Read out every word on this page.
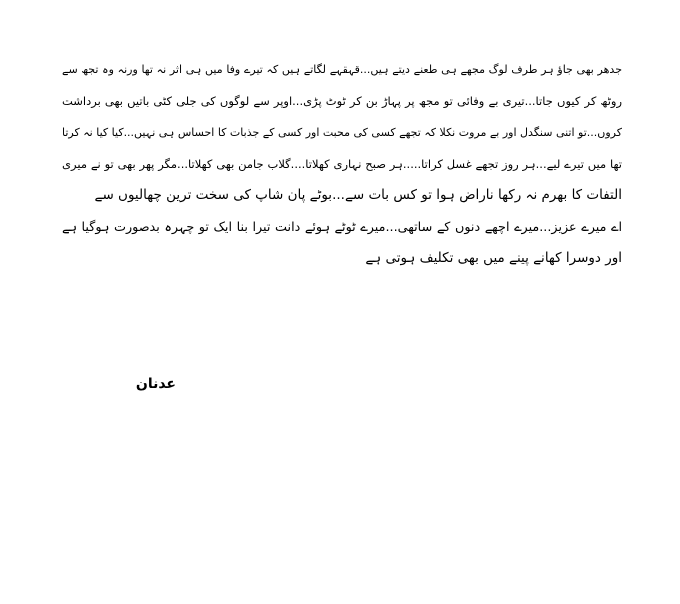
جدھر بھی جاؤ ہر طرف لوگ مجھے ہی طعنے دیتے ہیں...قہقہے لگاتے ہیں کہ تیرے وفا میں ہی اثر نہ تھا ورنہ وہ تجھ سے
روٹھ کر کیوں جاتا...تیری بے وفائی تو مجھ پر پہاڑ بن کر ٹوٹ پڑی...اوپر سے لوگوں کی جلی کٹی باتیں بھی برداشت
کروں...تو اتنی سنگدل اور بے مروت نکلا کہ تجھے کسی کی محبت اور کسی کے جذبات کا احساس ہی نہیں...کیا کیا نہ کرتا
تھا میں تیرے لیے...ہر روز تجھے غسل کراتا.....ہر صبح نہاری کھلاتا....گلاب جامن بھی کھلاتا...مگر پھر بھی تو نے میری
التفات کا بھرم نہ رکھا ناراض ہوا تو کس بات سے...بوٹے پان شاپ کی سخت ترین چھالیوں سے
اے میرے عزیز...میرے اچھے دنوں کے ساتھی...میرے ٹوٹے ہوئے دانت تیرا بنا ایک تو چہرہ بدصورت ہوگیا ہے
اور دوسرا کھانے پینے میں بھی تکلیف ہوتی ہے
عدنان
